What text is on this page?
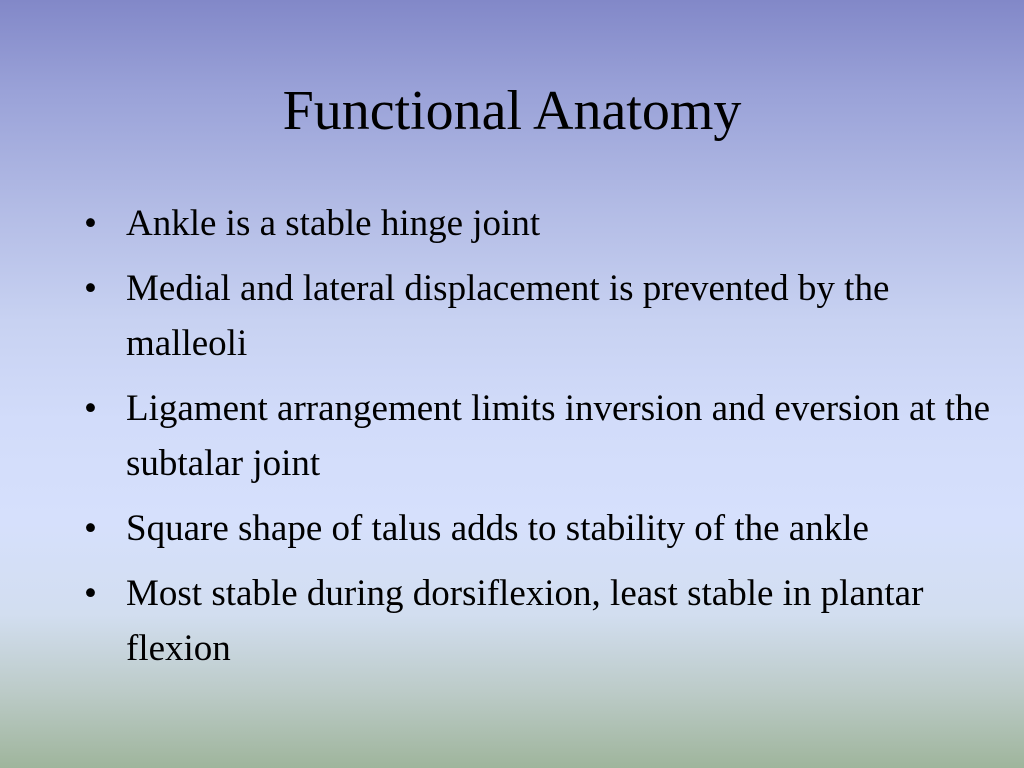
Functional Anatomy
• Ankle is a stable hinge joint
• Medial and lateral displacement is prevented by the malleoli
• Ligament arrangement limits inversion and eversion at the subtalar joint
• Square shape of talus adds to stability of the ankle
• Most stable during dorsiflexion, least stable in plantar flexion
